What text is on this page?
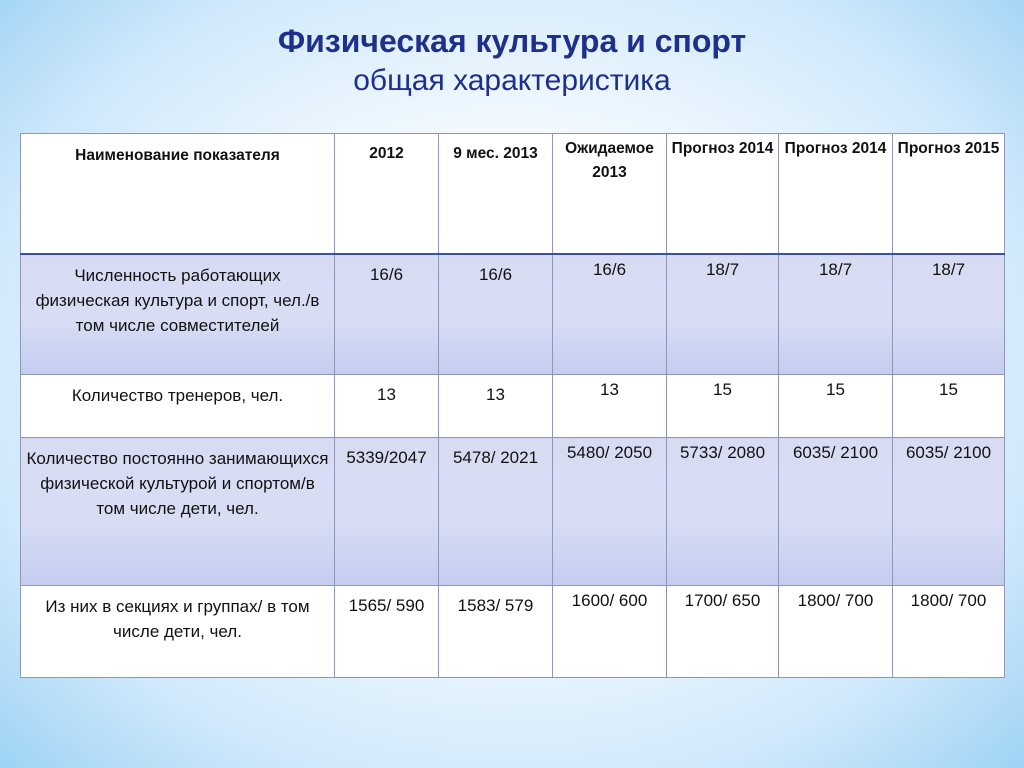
Физическая культура и спорт
общая характеристика
Наименование показателя	2012	9 мес. 2013	Ожидаемое 2013	Прогноз 2014	Прогноз 2014	Прогноз 2015
Численность работающих физическая культура и спорт, чел./в том числе совместителей	16/6	16/6	16/6	18/7	18/7	18/7
Количество тренеров, чел.	13	13	13	15	15	15
Количество постоянно занимающихся физической культурой и спортом/в том числе дети, чел.	5339/2047	5478/ 2021	5480/ 2050	5733/ 2080	6035/ 2100	6035/ 2100
Из них в секциях и группах/ в том числе дети, чел.	1565/ 590	1583/ 579	1600/ 600	1700/ 650	1800/ 700	1800/ 700
